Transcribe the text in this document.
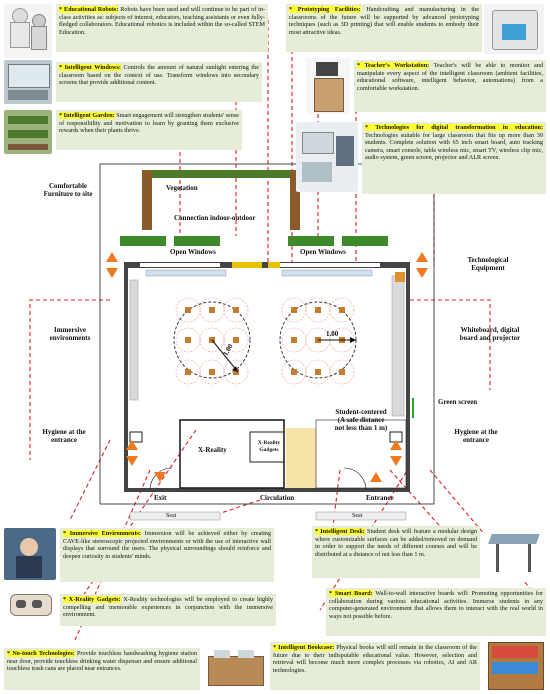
* Educational Robots: Robots have been used and will continue to be part of in-class activities as: subjects of interest, educators, teaching assistants or even fully-fledged collaborators. Educational robotics is included within the so-called STEM Education.
* Intelligent Windows: Controls the amount of natural sunlight entering the classroom based on the context of use. Transform windows into secondary screens that provide additional content.
* Intelligent Garden: Smart engagement will strengthen students' sense of responsibility and motivation to learn by granting them exclusive rewards when their plants thrive.
* Prototyping Facilities: Handcrafting and manufacturing in the classrooms of the future will be supported by advanced prototyping techniques (such as 3D printing) that will enable students to embody their most attractive ideas.
* Teacher's Workstation: Teacher's will be able to monitor and manipulate every aspect of the intelligent classroom (ambient facilities, educational software, intelligent behavior, automations) from a comfortable workstation.
* Technologies for digital transformation in education: Technologies suitable for large classroom that fits up more than 30 students. Complete solution with 65 inch smart board, auto tracking camera, smart console, table wireless mic, smart TV, wireless clip mic, audio system, green screen, projector and ALR screen.
* Immersive Environments: Immersion will be achieved either by creating CAVE-like stereoscopic projected environments or with the use of interactive wall displays that surround the users. The physical surroundings should reinforce and deepen curiosity in students' minds.
* X-Reality Gadgets: X-Reality technologies will be employed to create highly compelling and memorable experiences in conjunction with the immersive environment.
* No-touch Technologies: Provide touchless handwashing hygiene station near door, provide touchless drinking water dispenser and ensure additional touchless trash cans are placed near entrances.
* Intelligent Desk: Student desk will feature a modular design where customizable surfaces can be added/removed on demand in order to support the needs of different courses and will be distributed at a distance of not less than 1 m.
* Smart Board: Wall-to-wall interactive boards will: Promoting opportunities for collaboration during various educational activities. Immerse students in any computer-generated environment that allows them to interact with the real world in ways not possible before.
* Intelligent Bookcase: Physical books will still remain in the classroom of the future due to their indisputable educational value. However, selection and retrieval will become much more complex processes via robotics, AI and AR technologies.
Comfortable
Furniture to site
Vegetation
Connection indoor-outdoor
Open Windows	Open Windows
Technological
Equipment
Immersive
environments
Whiteboard, digital
board and projector
Green screen
Hygiene at the
entrance
Hygiene at the
entrance
Student-centered
(A safe distance
not less than 1 m)
X-Reality
X-Reality
Gadgets
Exit	Circulation	Entrance
Seat	Seat
1.00
1.00
